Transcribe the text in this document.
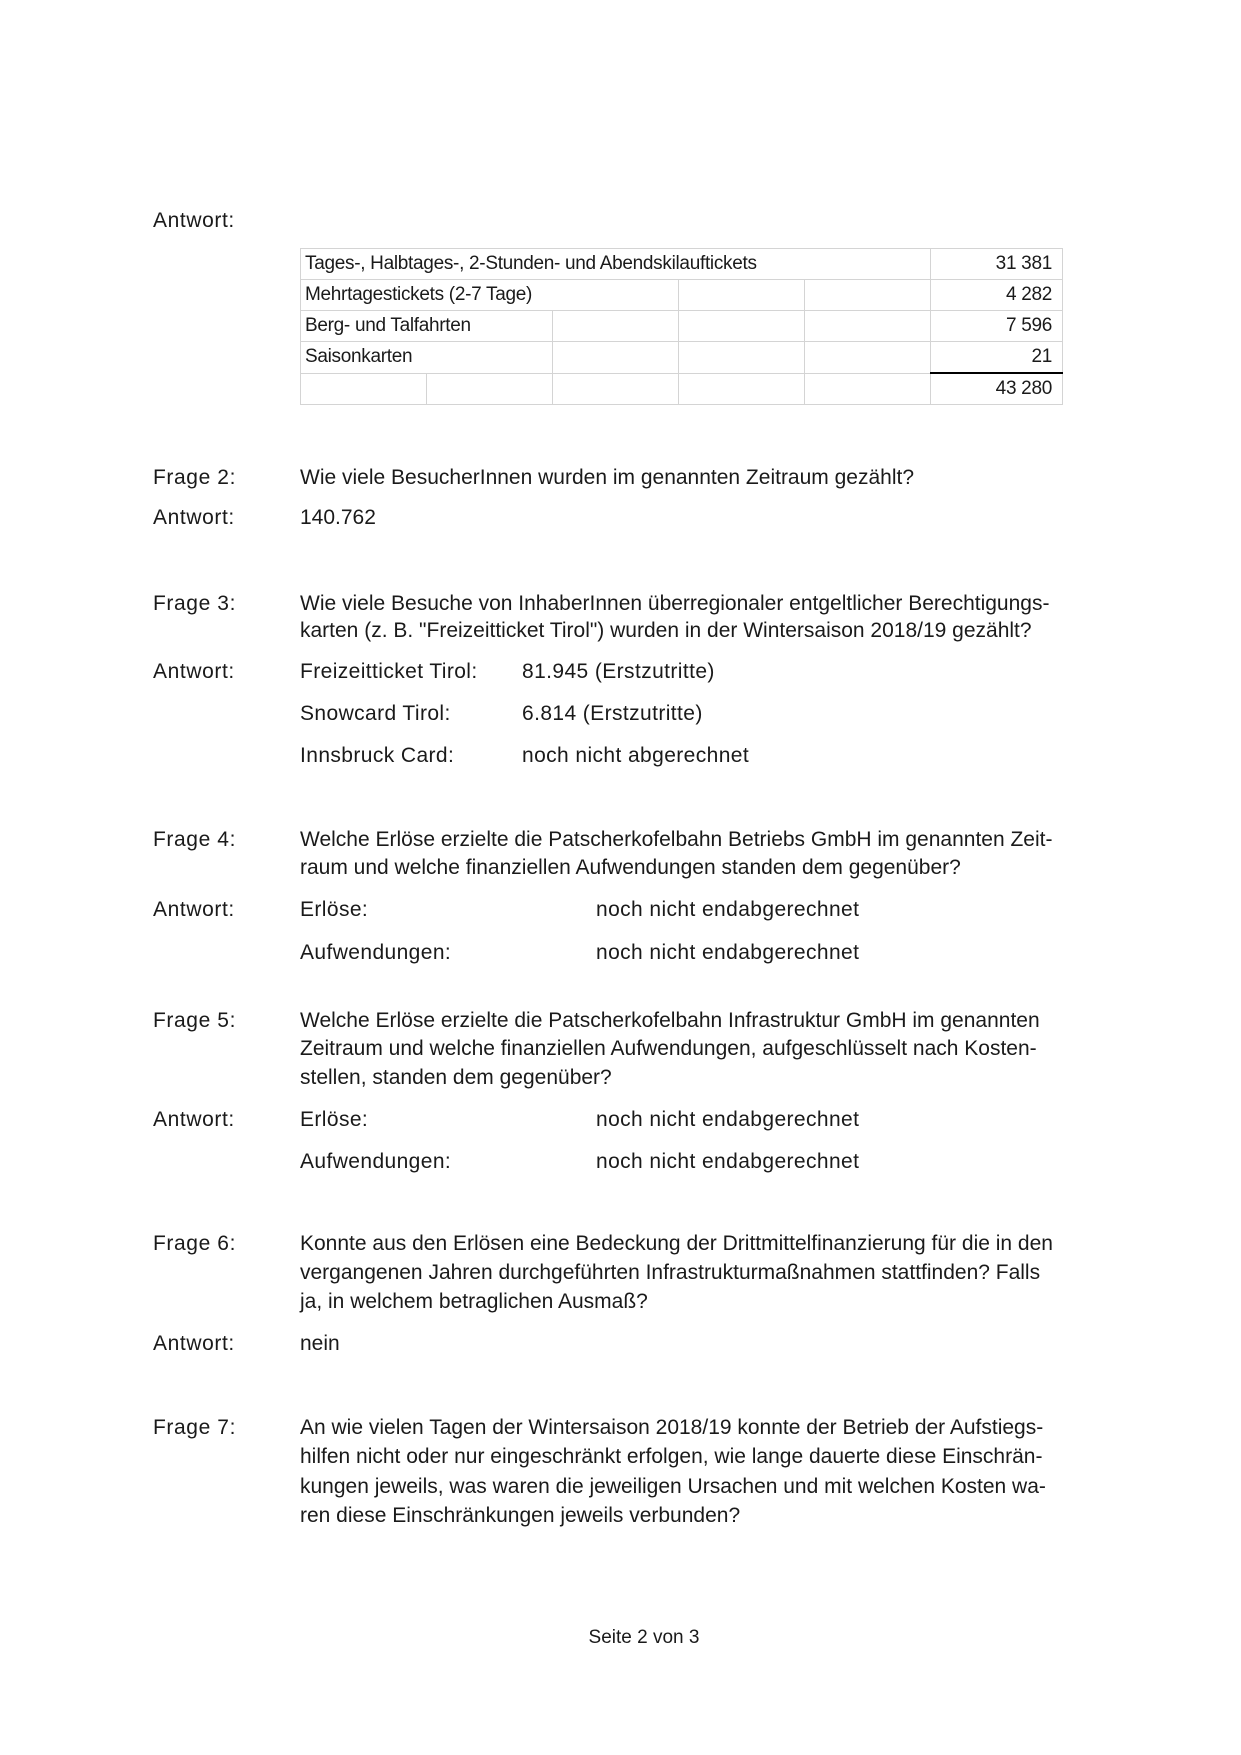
Antwort:
Tages-, Halbtages-, 2-Stunden- und Abendskilauftickets					31 381
Mehrtagestickets (2-7 Tage)					4 282
Berg- und Talfahrten					7 596
Saisonkarten					21
					43 280
Frage 2:	Wie viele BesucherInnen wurden im genannten Zeitraum gezählt?
Antwort:	140.762
Frage 3:	Wie viele Besuche von InhaberInnen überregionaler entgeltlicher Berechtigungs-
karten (z. B. "Freizeitticket Tirol") wurden in der Wintersaison 2018/19 gezählt?
Antwort:	Freizeitticket Tirol: 81.945 (Erstzutritte)
Snowcard Tirol:	6.814 (Erstzutritte)
Innsbruck Card:	noch nicht abgerechnet
Frage 4:	Welche Erlöse erzielte die Patscherkofelbahn Betriebs GmbH im genannten Zeit-
raum und welche finanziellen Aufwendungen standen dem gegenüber?
Antwort:	Erlöse:	noch nicht endabgerechnet
Aufwendungen:	noch nicht endabgerechnet
Frage 5:	Welche Erlöse erzielte die Patscherkofelbahn Infrastruktur GmbH im genannten
Zeitraum und welche finanziellen Aufwendungen, aufgeschlüsselt nach Kosten-
stellen, standen dem gegenüber?
Antwort:	Erlöse:	noch nicht endabgerechnet
Aufwendungen:	noch nicht endabgerechnet
Frage 6:	Konnte aus den Erlösen eine Bedeckung der Drittmittelfinanzierung für die in den
vergangenen Jahren durchgeführten Infrastrukturmaßnahmen stattfinden? Falls
ja, in welchem betraglichen Ausmaß?
Antwort:	nein
Frage 7:	An wie vielen Tagen der Wintersaison 2018/19 konnte der Betrieb der Aufstiegs-
hilfen nicht oder nur eingeschränkt erfolgen, wie lange dauerte diese Einschrän-
kungen jeweils, was waren die jeweiligen Ursachen und mit welchen Kosten wa-
ren diese Einschränkungen jeweils verbunden?
Seite 2 von 3
